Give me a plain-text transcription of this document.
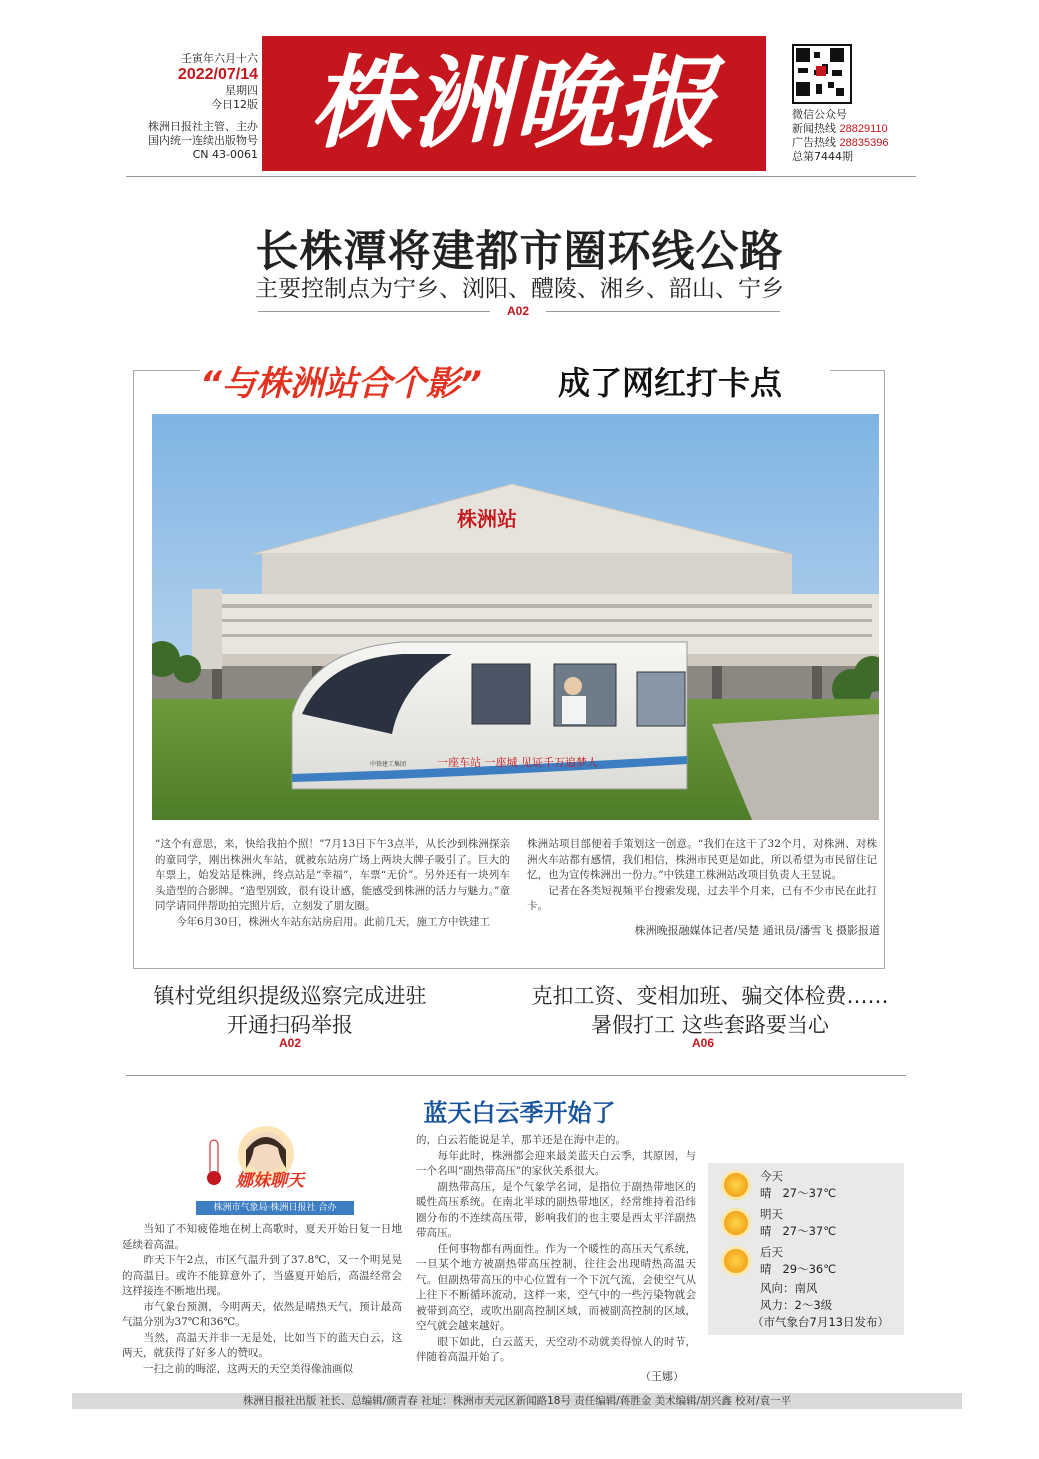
壬寅年六月十六
2022/07/14
星期四
今日12版
株洲日报社主管、主办
国内统一连续出版物号
CN 43-0061 株洲晚报	微信公众号
新闻热线 28829110
广告热线 28835396
总第7444期
长株潭将建都市圈环线公路
主要控制点为宁乡、浏阳、醴陵、湘乡、韶山、宁乡
A02
“与株洲站合个影” 成了网红打卡点
株洲站
一座车站 一座城 见证千万追梦人
中铁建工集团
“这个有意思，来，快给我拍个照！”7月13日下午3点半，从长沙到株洲探亲的童同学，刚出株洲火车站，就被东站房广场上两块大牌子吸引了。巨大的车票上，始发站是株洲，终点站是“幸福”，车票“无价”。另外还有一块列车头造型的合影牌。“造型别致，很有设计感，能感受到株洲的活力与魅力。”童同学请同伴帮助拍完照片后，立刻发了朋友圈。
　　今年6月30日，株洲火车站东站房启用。此前几天，施工方中铁建工
株洲站项目部便着手策划这一创意。“我们在这干了32个月，对株洲、对株洲火车站都有感情，我们相信，株洲市民更是如此，所以希望为市民留住记忆，也为宣传株洲出一份力。”中铁建工株洲站改项目负责人王昱说。
　　记者在各类短视频平台搜索发现，过去半个月来，已有不少市民在此打卡。
株洲晚报融媒体记者/吴楚 通讯员/潘雪飞 摄影报道
镇村党组织提级巡察完成进驻
开通扫码举报
A02
克扣工资、变相加班、骗交体检费……
暑假打工 这些套路要当心
A06
蓝天白云季开始了
娜妹聊天
株洲市气象局·株洲日报社 合办
　　当知了不知疲倦地在树上高歌时，夏天开始日复一日地延续着高温。
　　昨天下午2点，市区气温升到了37.8℃，又一个明晃晃的高温日。或许不能算意外了，当盛夏开始后，高温经常会这样接连不断地出现。
　　市气象台预测，今明两天，依然是晴热天气，预计最高气温分别为37℃和36℃。
　　当然，高温天并非一无是处，比如当下的蓝天白云，这两天，就获得了好多人的赞叹。
　　一扫之前的晦涩，这两天的天空美得像油画似
的，白云若能说是羊，那羊还是在海中走的。
　　每年此时，株洲都会迎来最美蓝天白云季，其原因，与一个名叫“副热带高压”的家伙关系很大。
　　副热带高压，是个气象学名词，是指位于副热带地区的暖性高压系统。在南北半球的副热带地区，经常维持着沿纬圈分布的不连续高压带，影响我们的也主要是西太平洋副热带高压。
　　任何事物都有两面性。作为一个暖性的高压天气系统，一旦某个地方被副热带高压控制，往往会出现晴热高温天气。但副热带高压的中心位置有一个下沉气流，会使空气从上往下不断循环流动，这样一来，空气中的一些污染物就会被带到高空，或吹出副高控制区域，而被副高控制的区域，空气就会越来越好。
　　眼下如此，白云蓝天，天空动不动就美得惊人的时节，伴随着高温开始了。
（王娜）
今天
晴 27～37℃
明天
晴 27～37℃
后天
晴 29～36℃
风向：南风
风力：2～3级
（市气象台7月13日发布）
株洲日报社出版 社长、总编辑/颜青春 社址：株洲市天元区新闻路18号 责任编辑/蒋胜金 美术编辑/胡兴鑫 校对/袁一平
